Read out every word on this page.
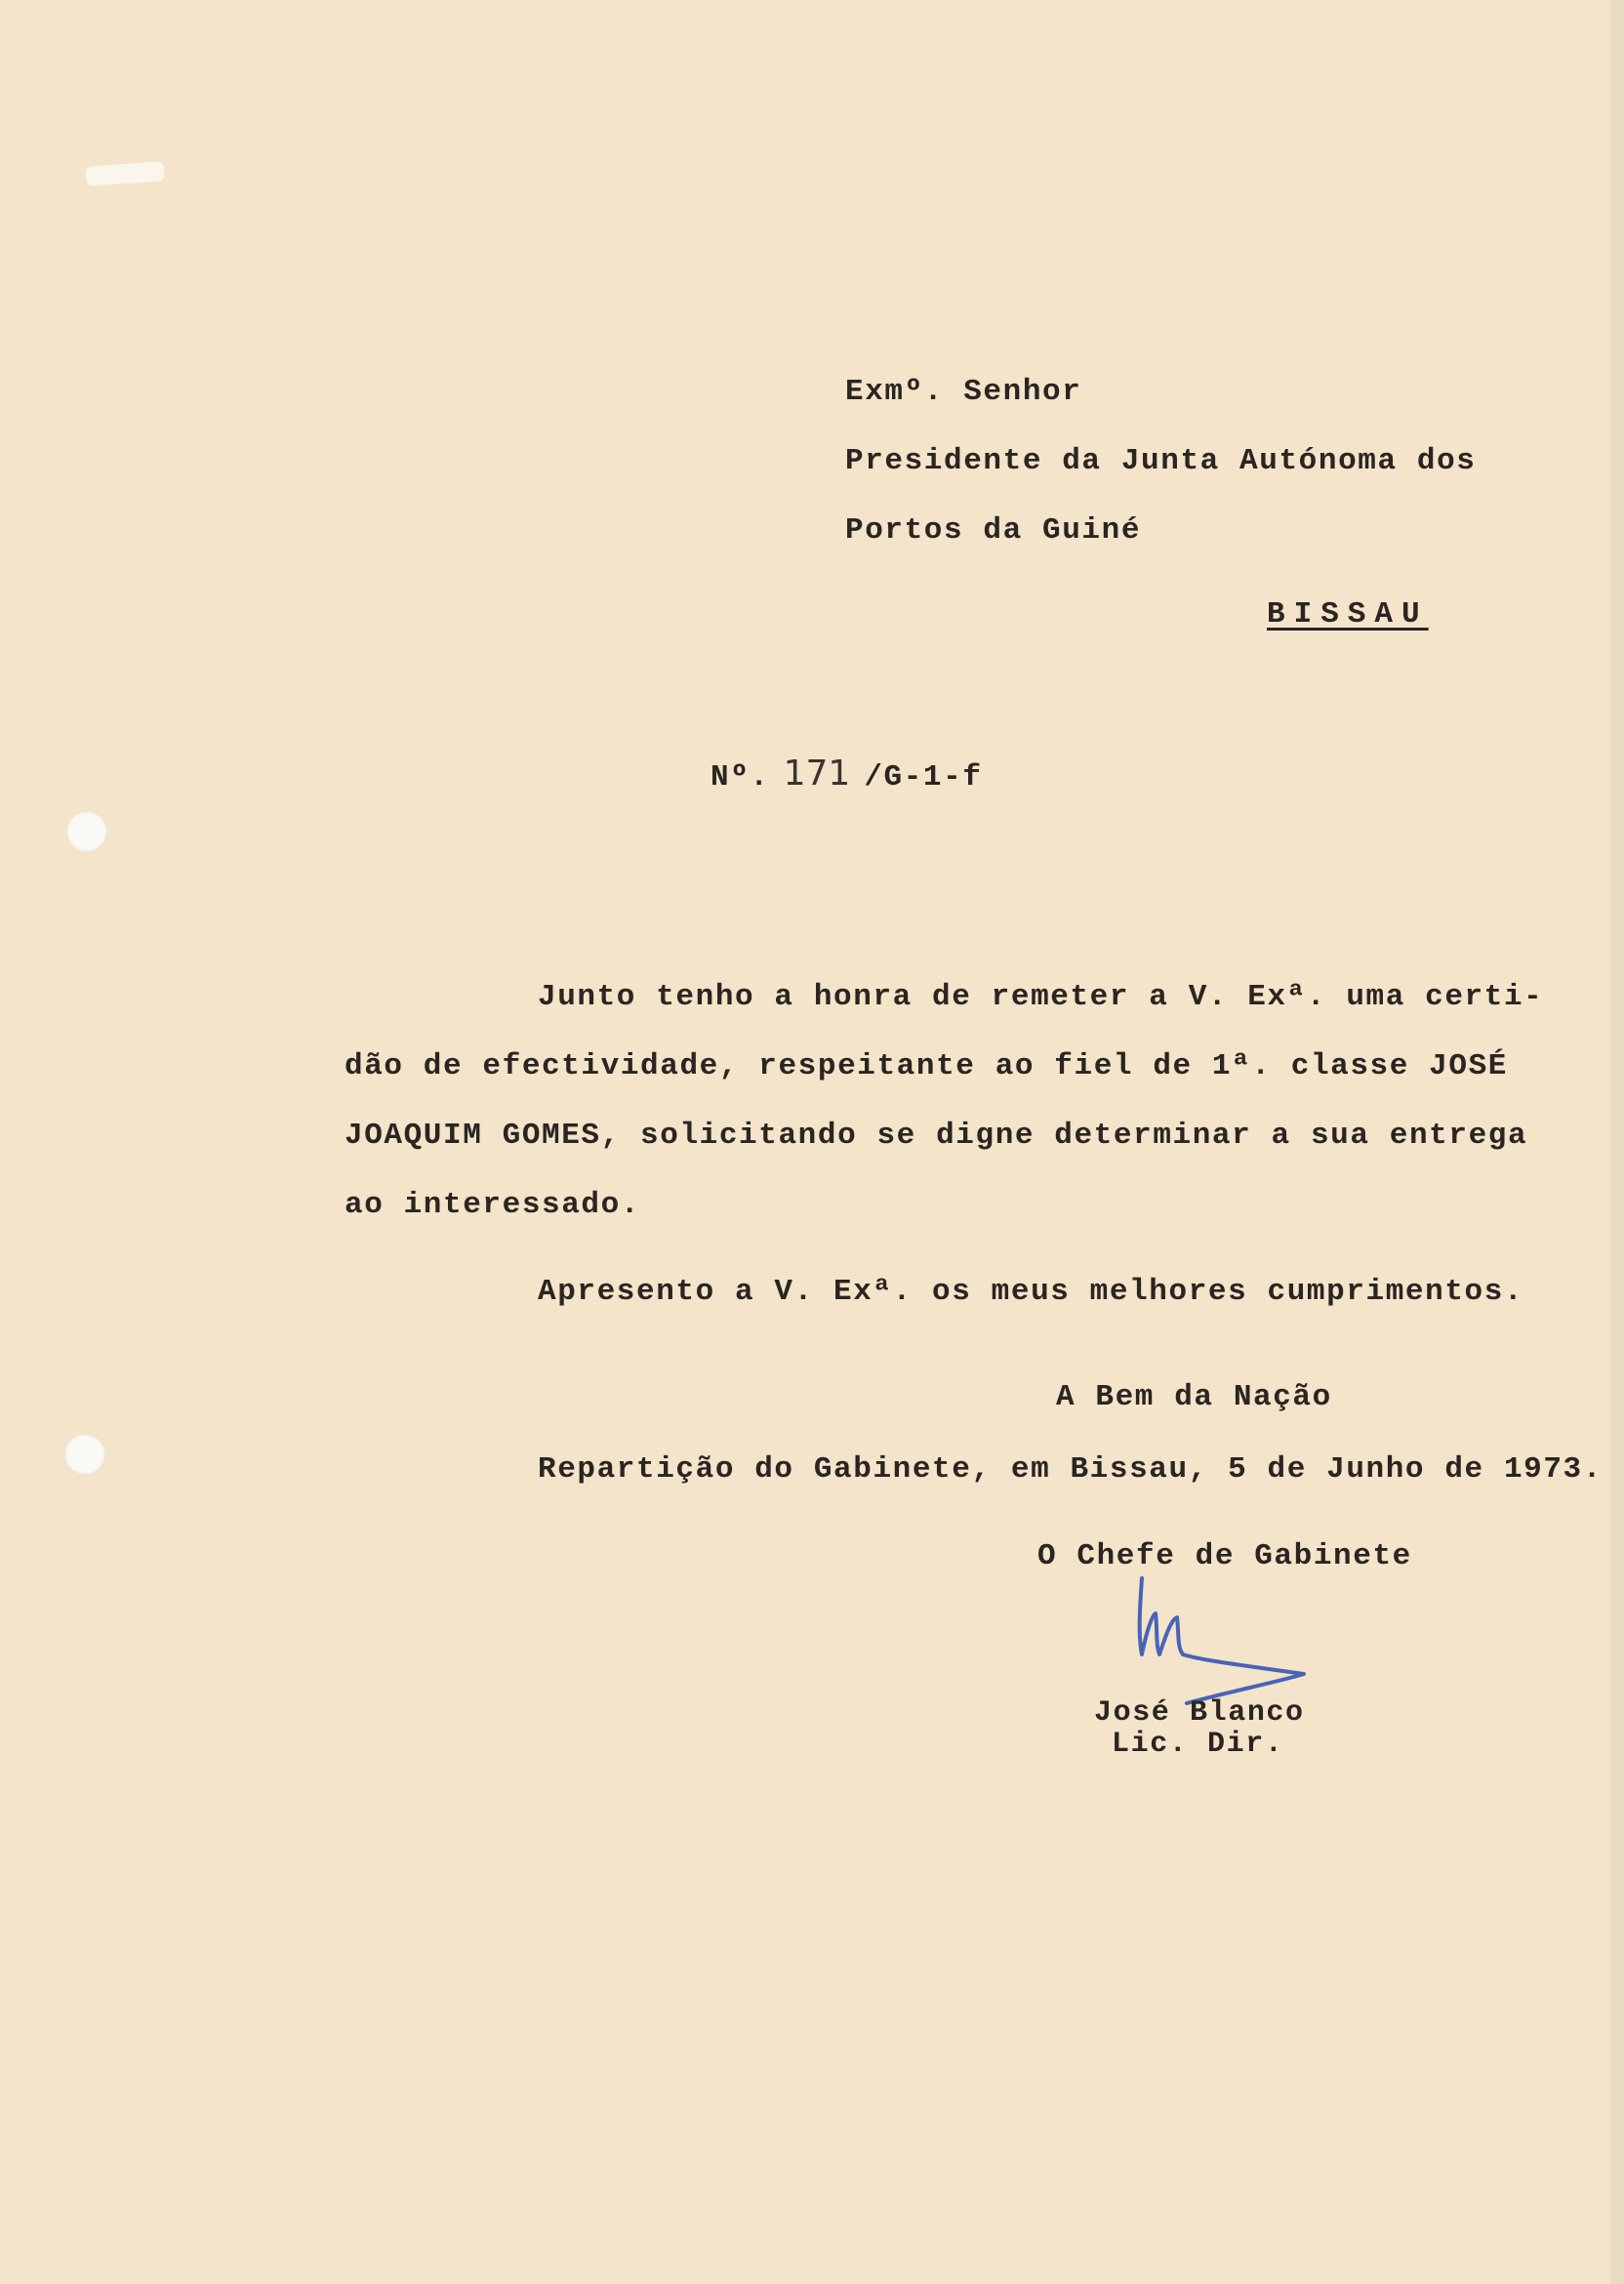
Exmº. Senhor
Presidente da Junta Autónoma dos
Portos da Guiné
BISSAU
Nº. 171 /G-1-f
Junto tenho a honra de remeter a V. Exª. uma certi-
dão de efectividade, respeitante ao fiel de 1ª. classe JOSÉ
JOAQUIM GOMES, solicitando se digne determinar a sua entrega
ao interessado.
Apresento a V. Exª. os meus melhores cumprimentos.
A Bem da Nação
Repartição do Gabinete, em Bissau, 5 de Junho de 1973.
O Chefe de Gabinete
José Blanco
Lic. Dir.
